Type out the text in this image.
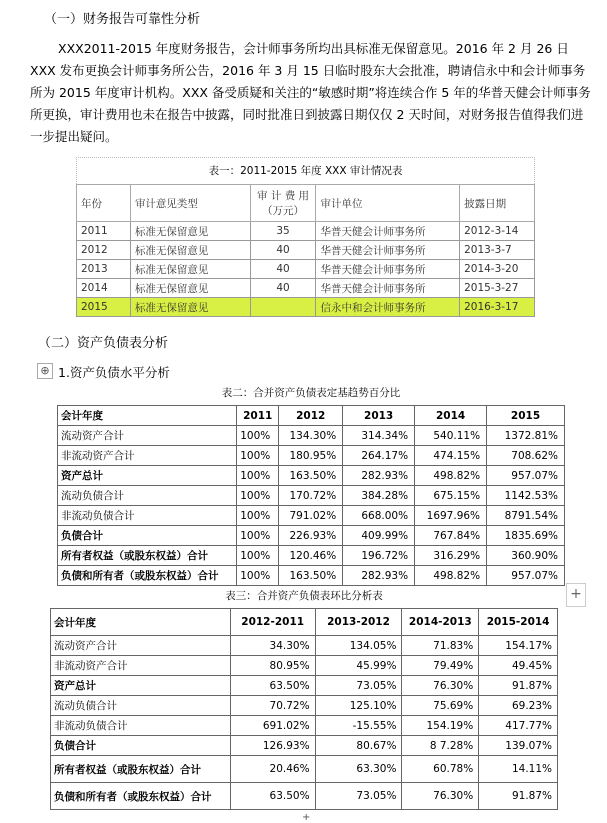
（一）财务报告可靠性分析
XXX2011-2015 年度财务报告，会计师事务所均出具标准无保留意见。2016 年 2 月 26 日 XXX 发布更换会计师事务所公告，2016 年 3 月 15 日临时股东大会批准，聘请信永中和会计师事务所为 2015 年度审计机构。XXX 备受质疑和关注的“敏感时期”将连续合作 5 年的华普天健会计师事务所更换，审计费用也未在报告中披露，同时批准日到披露日期仅仅 2 天时间，对财务报告值得我们进一步提出疑问。
表一：2011-2015 年度 XXX 审计情况表
年份	审计意见类型	审 计 费 用（万元）	审计单位	披露日期
2011	标准无保留意见	35	华普天健会计师事务所	2012-3-14
2012	标准无保留意见	40	华普天健会计师事务所	2013-3-7
2013	标准无保留意见	40	华普天健会计师事务所	2014-3-20
2014	标准无保留意见	40	华普天健会计师事务所	2015-3-27
2015	标准无保留意见		信永中和会计师事务所	2016-3-17
（二）资产负债表分析
⊕ 1.资产负债水平分析
表二：合并资产负债表定基趋势百分比
会计年度	2011	2012	2013	2014	2015
流动资产合计	100%	134.30%	314.34%	540.11%	1372.81%
非流动资产合计	100%	180.95%	264.17%	474.15%	708.62%
资产总计	100%	163.50%	282.93%	498.82%	957.07%
流动负债合计	100%	170.72%	384.28%	675.15%	1142.53%
非流动负债合计	100%	791.02%	668.00%	1697.96%	8791.54%
负债合计	100%	226.93%	409.99%	767.84%	1835.69%
所有者权益（或股东权益）合计	100%	120.46%	196.72%	316.29%	360.90%
负债和所有者（或股东权益）合计	100%	163.50%	282.93%	498.82%	957.07%
+
表三：合并资产负债表环比分析表
会计年度	2012-2011	2013-2012	2014-2013	2015-2014
流动资产合计	34.30%	134.05%	71.83%	154.17%
非流动资产合计	80.95%	45.99%	79.49%	49.45%
资产总计	63.50%	73.05%	76.30%	91.87%
流动负债合计	70.72%	125.10%	75.69%	69.23%
非流动负债合计	691.02%	-15.55%	154.19%	417.77%
负债合计	126.93%	80.67%	8 7.28%	139.07%
所有者权益（或股东权益）合计	20.46%	63.30%	60.78%	14.11%
负债和所有者（或股东权益）合计	63.50%	73.05%	76.30%	91.87%
+
